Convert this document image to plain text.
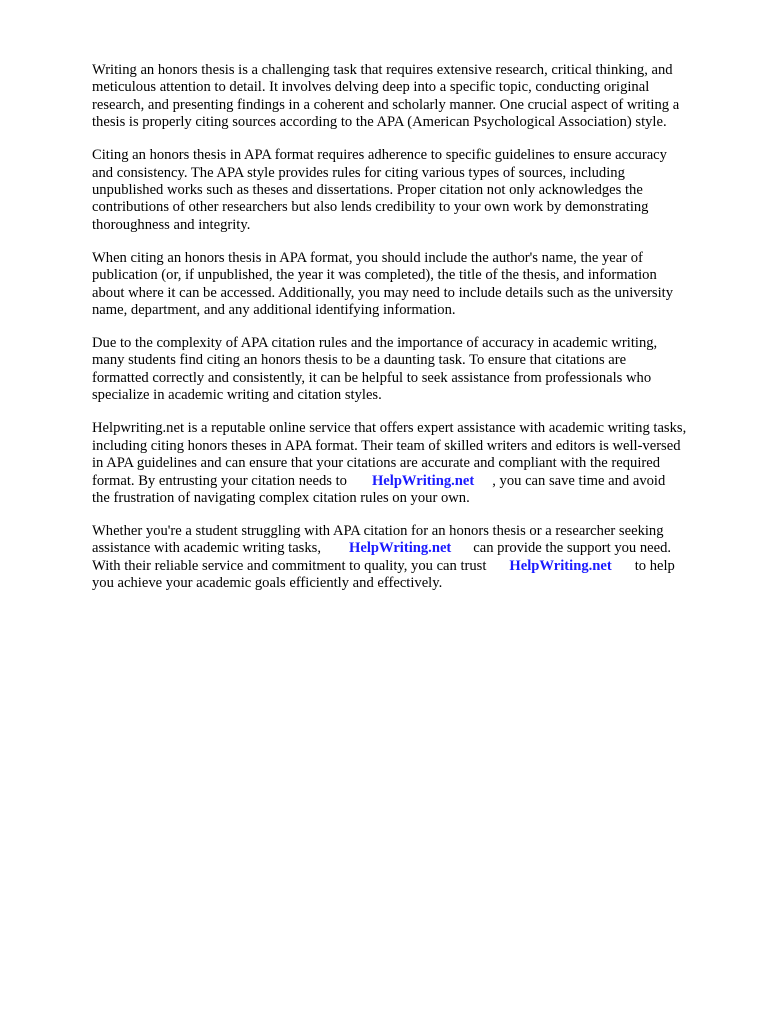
Writing an honors thesis is a challenging task that requires extensive research, critical thinking, and
meticulous attention to detail. It involves delving deep into a specific topic, conducting original
research, and presenting findings in a coherent and scholarly manner. One crucial aspect of writing a
thesis is properly citing sources according to the APA (American Psychological Association) style.

Citing an honors thesis in APA format requires adherence to specific guidelines to ensure accuracy
and consistency. The APA style provides rules for citing various types of sources, including
unpublished works such as theses and dissertations. Proper citation not only acknowledges the
contributions of other researchers but also lends credibility to your own work by demonstrating
thoroughness and integrity.

When citing an honors thesis in APA format, you should include the author's name, the year of
publication (or, if unpublished, the year it was completed), the title of the thesis, and information
about where it can be accessed. Additionally, you may need to include details such as the university
name, department, and any additional identifying information.

Due to the complexity of APA citation rules and the importance of accuracy in academic writing,
many students find citing an honors thesis to be a daunting task. To ensure that citations are
formatted correctly and consistently, it can be helpful to seek assistance from professionals who
specialize in academic writing and citation styles.

Helpwriting.net is a reputable online service that offers expert assistance with academic writing tasks,
including citing honors theses in APA format. Their team of skilled writers and editors is well-versed
in APA guidelines and can ensure that your citations are accurate and compliant with the required
format. By entrusting your citation needs to HelpWriting.net , you can save time and avoid
the frustration of navigating complex citation rules on your own.

Whether you're a student struggling with APA citation for an honors thesis or a researcher seeking
assistance with academic writing tasks, HelpWriting.net can provide the support you need.
With their reliable service and commitment to quality, you can trust HelpWriting.net to help
you achieve your academic goals efficiently and effectively.
